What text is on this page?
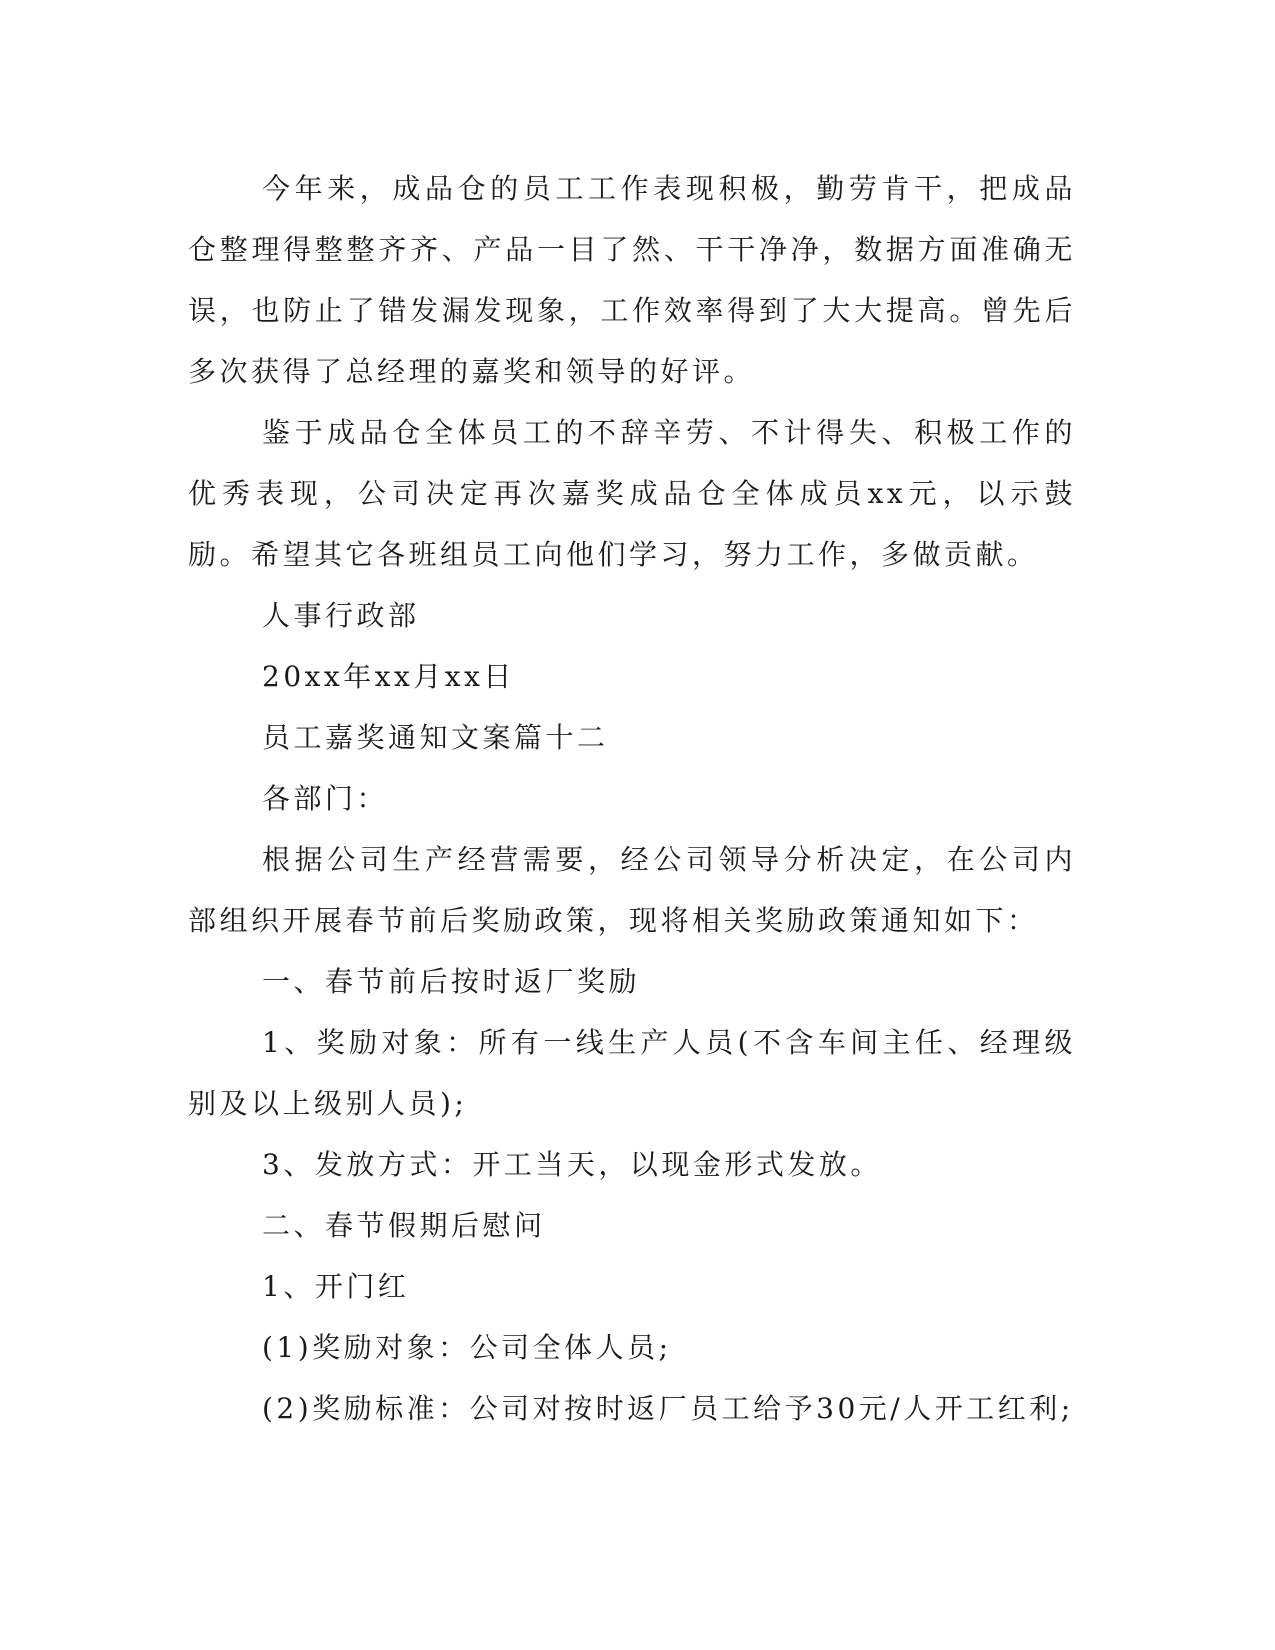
今年来，成品仓的员工工作表现积极，勤劳肯干，把成品仓整理得整整齐齐、产品一目了然、干干净净，数据方面准确无误，也防止了错发漏发现象，工作效率得到了大大提高。曾先后多次获得了总经理的嘉奖和领导的好评。

鉴于成品仓全体员工的不辞辛劳、不计得失、积极工作的优秀表现，公司决定再次嘉奖成品仓全体成员xx元，以示鼓励。希望其它各班组员工向他们学习，努力工作，多做贡献。

人事行政部

20xx年xx月xx日

员工嘉奖通知文案篇十二

各部门：

根据公司生产经营需要，经公司领导分析决定，在公司内部组织开展春节前后奖励政策，现将相关奖励政策通知如下：

一、春节前后按时返厂奖励

1、奖励对象：所有一线生产人员(不含车间主任、经理级别及以上级别人员);

3、发放方式：开工当天，以现金形式发放。

二、春节假期后慰问

1、开门红

(1)奖励对象：公司全体人员;

(2)奖励标准：公司对按时返厂员工给予30元/人开工红利;
